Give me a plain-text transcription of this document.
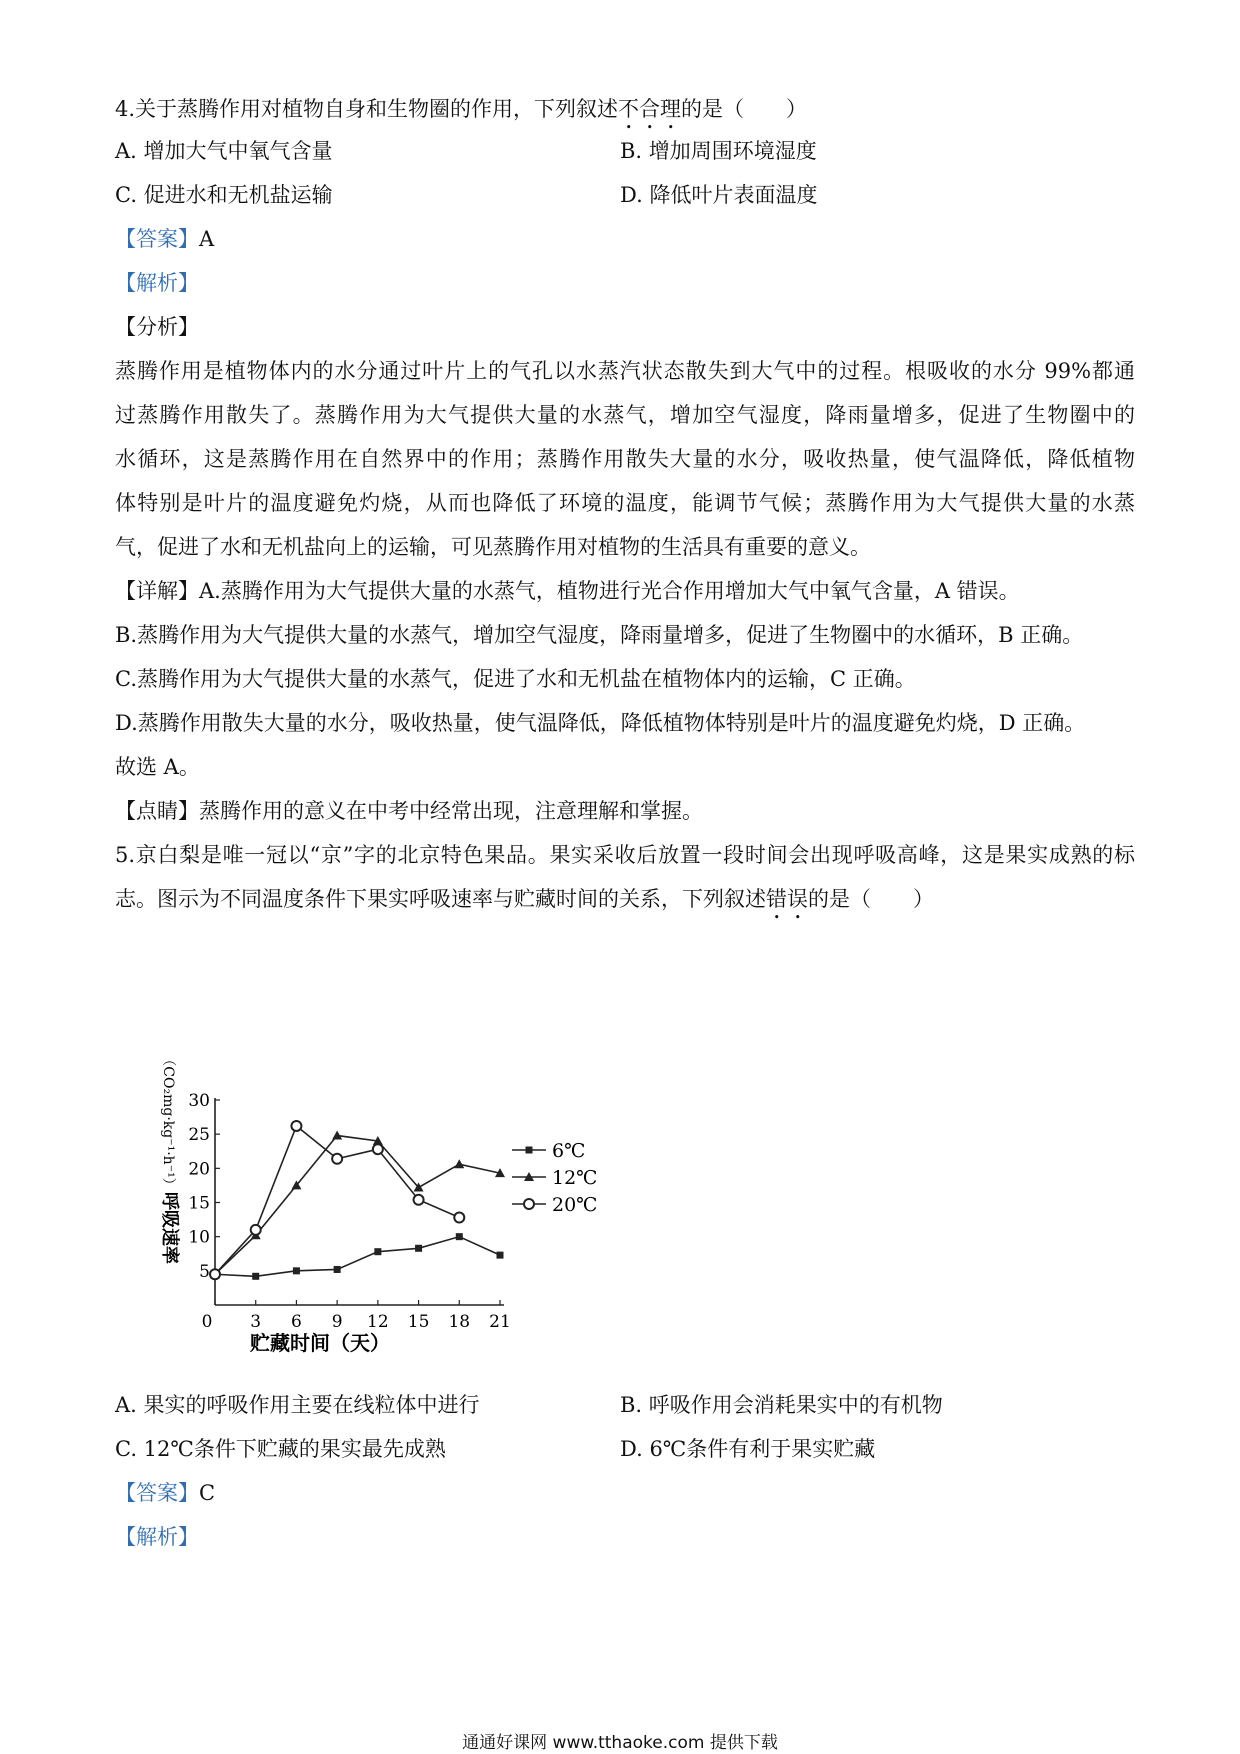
4.关于蒸腾作用对植物自身和生物圈的作用，下列叙述不合理的是（　　）
A. 增加大气中氧气含量	B. 增加周围环境湿度
C. 促进水和无机盐运输	D. 降低叶片表面温度
【答案】A
【解析】
【分析】
蒸腾作用是植物体内的水分通过叶片上的气孔以水蒸汽状态散失到大气中的过程。根吸收的水分 99%都通
过蒸腾作用散失了。蒸腾作用为大气提供大量的水蒸气，增加空气湿度，降雨量增多，促进了生物圈中的
水循环，这是蒸腾作用在自然界中的作用；蒸腾作用散失大量的水分，吸收热量，使气温降低，降低植物
体特别是叶片的温度避免灼烧，从而也降低了环境的温度，能调节气候；蒸腾作用为大气提供大量的水蒸
气，促进了水和无机盐向上的运输，可见蒸腾作用对植物的生活具有重要的意义。
【详解】A.蒸腾作用为大气提供大量的水蒸气，植物进行光合作用增加大气中氧气含量，A 错误。
B.蒸腾作用为大气提供大量的水蒸气，增加空气湿度，降雨量增多，促进了生物圈中的水循环，B 正确。
C.蒸腾作用为大气提供大量的水蒸气，促进了水和无机盐在植物体内的运输，C 正确。
D.蒸腾作用散失大量的水分，吸收热量，使气温降低，降低植物体特别是叶片的温度避免灼烧，D 正确。
故选 A。
【点睛】蒸腾作用的意义在中考中经常出现，注意理解和掌握。
5.京白梨是唯一冠以“京”字的北京特色果品。果实采收后放置一段时间会出现呼吸高峰，这是果实成熟的标
志。图示为不同温度条件下果实呼吸速率与贮藏时间的关系，下列叙述错误的是（　　）
0 3 6 9 12 15 18 21
5
10
15
20
25
30
6℃
12℃
20℃
贮藏时间（天）
呼吸速率
（CO₂mg·kg⁻¹·h⁻¹）
A. 果实的呼吸作用主要在线粒体中进行	B. 呼吸作用会消耗果实中的有机物
C. 12℃条件下贮藏的果实最先成熟	D. 6℃条件有利于果实贮藏
【答案】C
【解析】
通通好课网 www.tthaoke.com 提供下载
